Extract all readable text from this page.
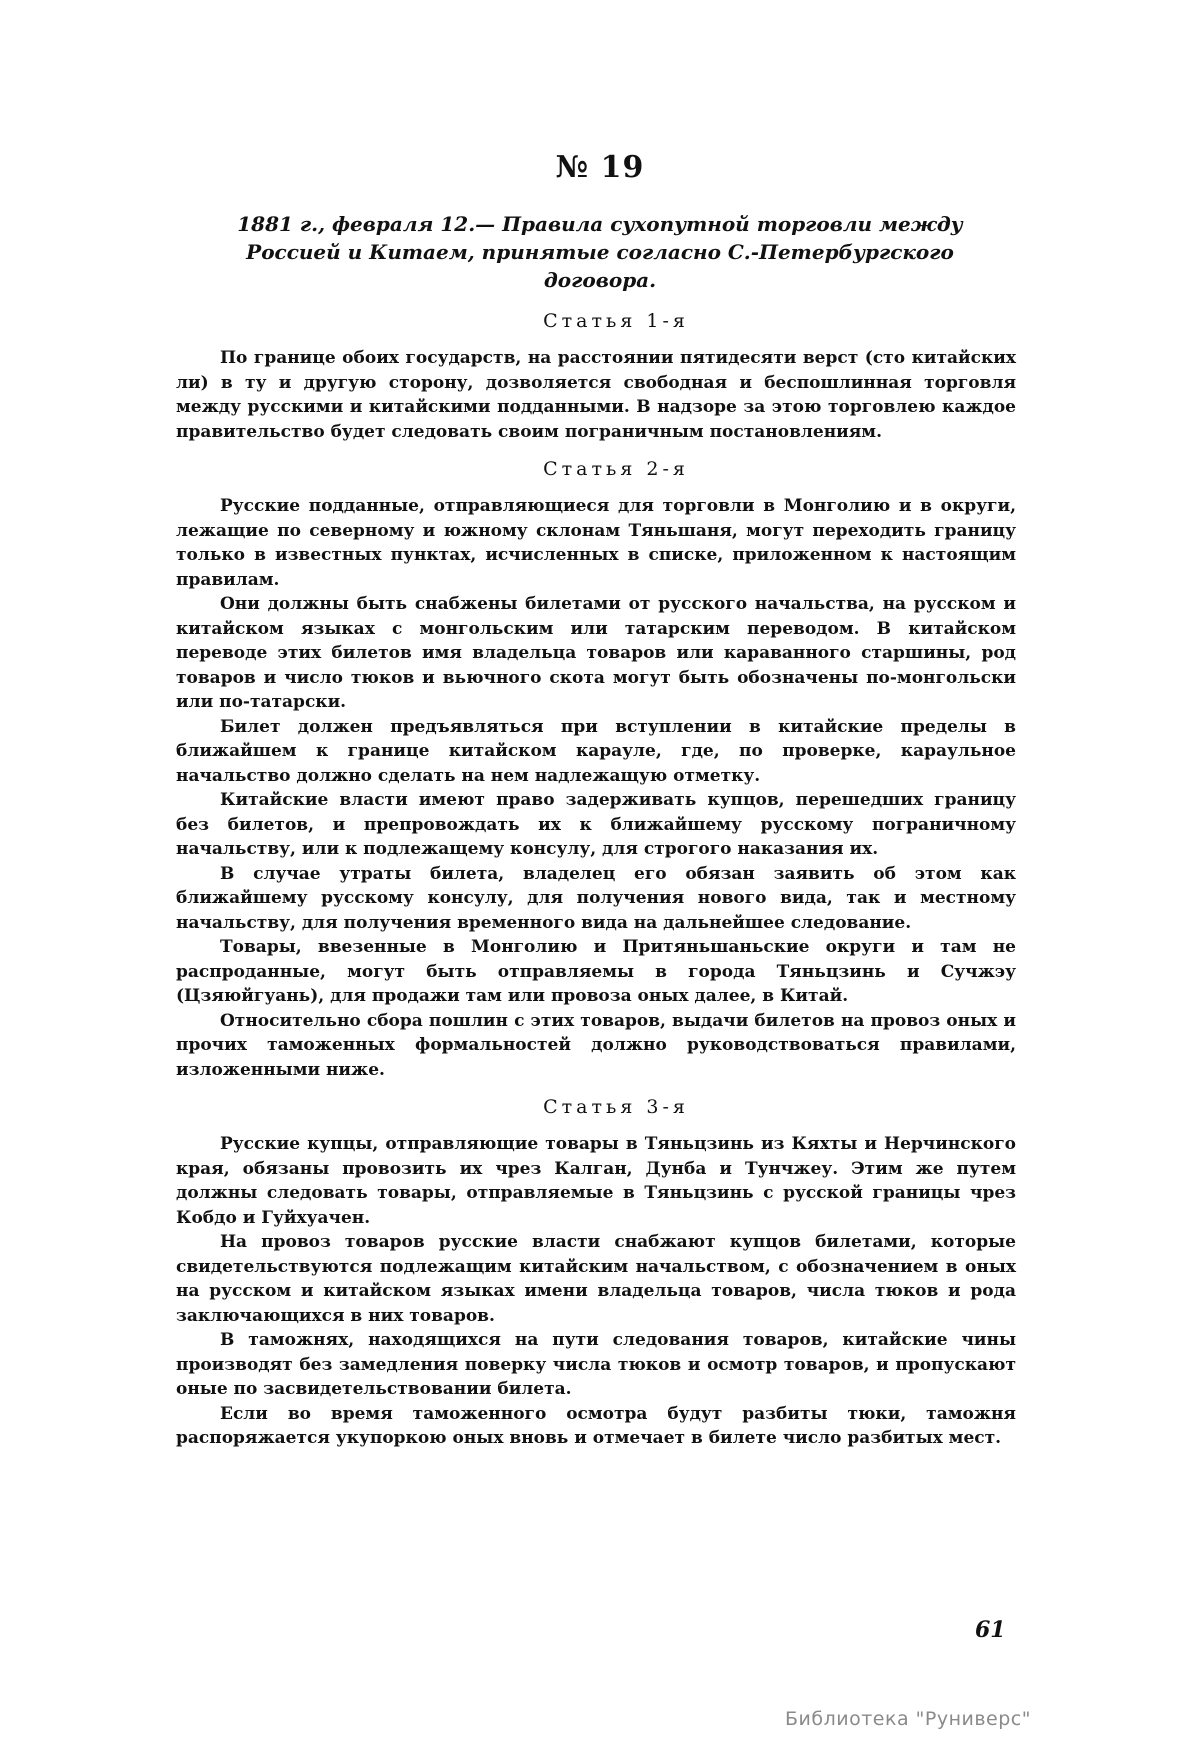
№ 19
1881 г., февраля 12.— Правила сухопутной торговли между
Россией и Китаем, принятые согласно С.-Петербургского договора.
Статья 1-я

По границе обоих государств, на расстоянии пятидесяти верст (сто китайских ли) в ту и другую сторону, дозволяется свободная и беспошлинная торговля между русскими и китайскими подданными. В надзоре за этою торговлею каждое правительство будет следовать своим пограничным постановлениям.

Статья 2-я

Русские подданные, отправляющиеся для торговли в Монголию и в округи, лежащие по северному и южному склонам Тяньшаня, могут переходить границу только в известных пунктах, исчисленных в списке, приложенном к настоящим правилам.

Они должны быть снабжены билетами от русского начальства, на русском и китайском языках с монгольским или татарским переводом. В китайском переводе этих билетов имя владельца товаров или караванного старшины, род товаров и число тюков и вьючного скота могут быть обозначены по-монгольски или по-татарски.

Билет должен предъявляться при вступлении в китайские пределы в ближайшем к границе китайском карауле, где, по проверке, караульное начальство должно сделать на нем надлежащую отметку.

Китайские власти имеют право задерживать купцов, перешедших границу без билетов, и препровождать их к ближайшему русскому пограничному начальству, или к подлежащему консулу, для строгого наказания их.

В случае утраты билета, владелец его обязан заявить об этом как ближайшему русскому консулу, для получения нового вида, так и местному начальству, для получения временного вида на дальнейшее следование.

Товары, ввезенные в Монголию и Притяньшаньские округи и там не распроданные, могут быть отправляемы в города Тяньцзинь и Сучжэу (Цзяюйгуань), для продажи там или провоза оных далее, в Китай.

Относительно сбора пошлин с этих товаров, выдачи билетов на провоз оных и прочих таможенных формальностей должно руководствоваться правилами, изложенными ниже.

Статья 3-я

Русские купцы, отправляющие товары в Тяньцзинь из Кяхты и Нерчинского края, обязаны провозить их чрез Калган, Дунба и Тунчжеу. Этим же путем должны следовать товары, отправляемые в Тяньцзинь с русской границы чрез Кобдо и Гуйхуачен.

На провоз товаров русские власти снабжают купцов билетами, которые свидетельствуются подлежащим китайским начальством, с обозначением в оных на русском и китайском языках имени владельца товаров, числа тюков и рода заключающихся в них товаров.

В таможнях, находящихся на пути следования товаров, китайские чины производят без замедления поверку числа тюков и осмотр товаров, и пропускают оные по засвидетельствовании билета.

Если во время таможенного осмотра будут разбиты тюки, таможня распоряжается укупоркою оных вновь и отмечает в билете число разбитых мест.

61
Библиотека "Руниверс"
